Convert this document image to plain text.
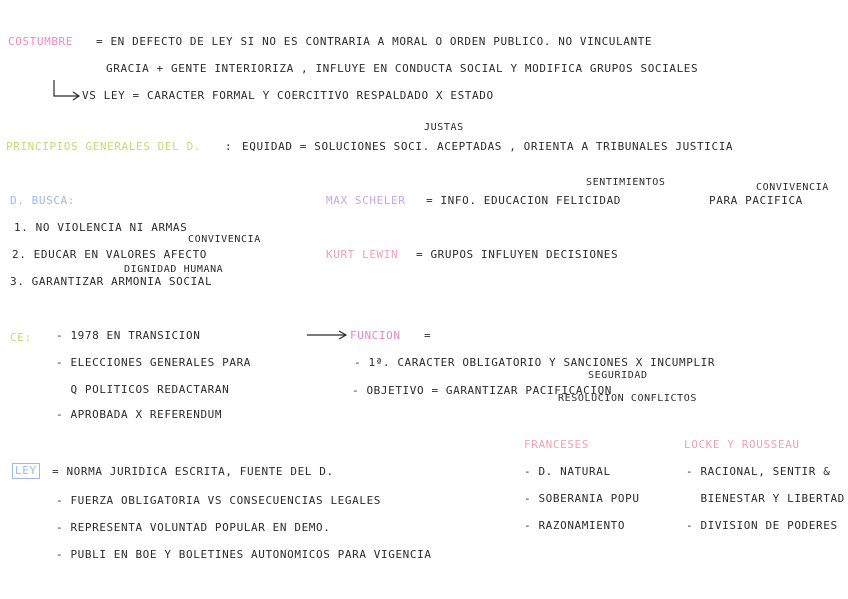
COSTUMBRE = EN DEFECTO DE LEY SI NO ES CONTRARIA A MORAL O ORDEN PUBLICO. NO VINCULANTE
GRACIA + GENTE INTERIORIZA , INFLUYE EN CONDUCTA SOCIAL Y MODIFICA GRUPOS SOCIALES
VS LEY = CARACTER FORMAL Y COERCITIVO RESPALDADO X ESTADO
JUSTAS
PRINCIPIOS GENERALES DEL D. : EQUIDAD = SOLUCIONES SOCI. ACEPTADAS , ORIENTA A TRIBUNALES JUSTICIA
D. BUSCA:
1. NO VIOLENCIA NI ARMAS
CONVIVENCIA
2. EDUCAR EN VALORES AFECTO
DIGNIDAD HUMANA
3. GARANTIZAR ARMONIA SOCIAL
SENTIMIENTOS	CONVIVENCIA
MAX SCHELER = INFO. EDUCACION FELICIDAD	PARA PACIFICA
KURT LEWIN = GRUPOS INFLUYEN DECISIONES
CE: - 1978 EN TRANSICION
- ELECCIONES GENERALES PARA
Q POLITICOS REDACTARAN
- APROBADA X REFERENDUM
FUNCION =
- 1ª. CARACTER OBLIGATORIO Y SANCIONES X INCUMPLIR
SEGURIDAD
- OBJETIVO = GARANTIZAR PACIFICACION
RESOLUCION CONFLICTOS
LEY = NORMA JURIDICA ESCRITA, FUENTE DEL D.
- FUERZA OBLIGATORIA VS CONSECUENCIAS LEGALES
- REPRESENTA VOLUNTAD POPULAR EN DEMO.
- PUBLI EN BOE Y BOLETINES AUTONOMICOS PARA VIGENCIA
FRANCESES
- D. NATURAL
- SOBERANIA POPU
- RAZONAMIENTO
LOCKE Y ROUSSEAU
- RACIONAL, SENTIR &
BIENESTAR Y LIBERTAD
- DIVISION DE PODERES
